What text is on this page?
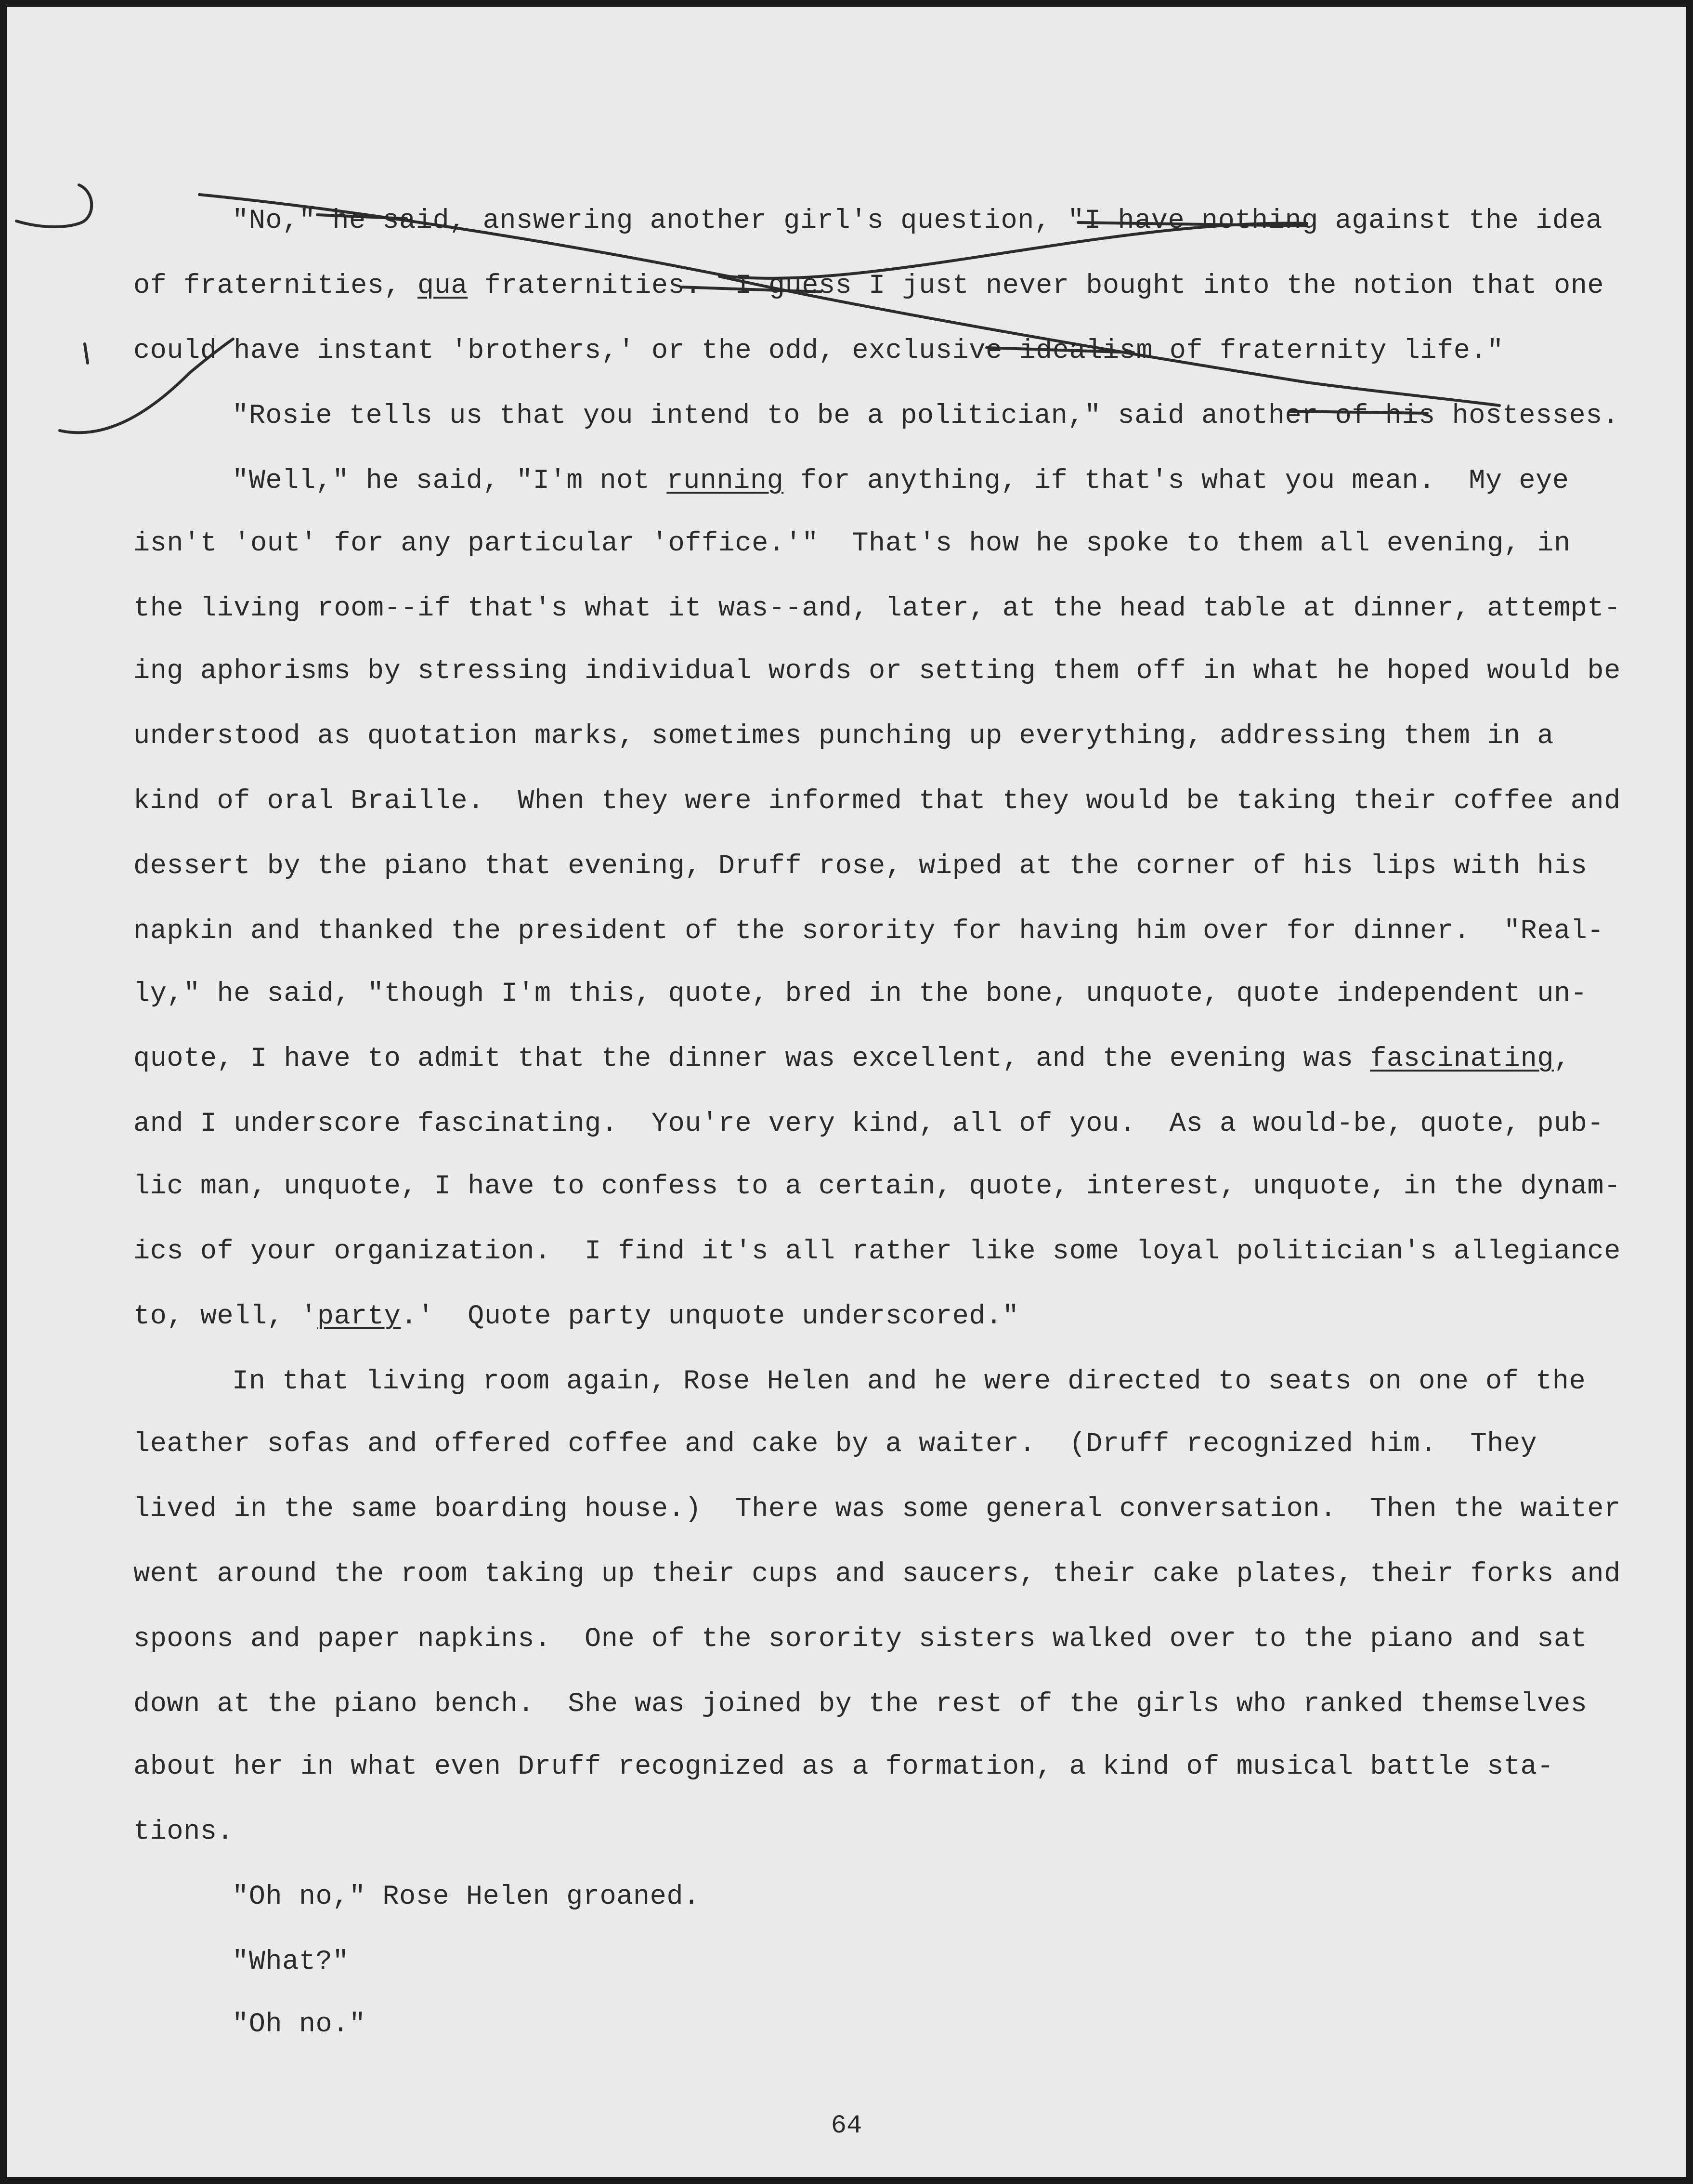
"No," he said, answering another girl's question, "I have nothing against the idea
of fraternities, qua fraternities.  I guess I just never bought into the notion that one
could have instant 'brothers,' or the odd, exclusive idealism of fraternity life."
"Rosie tells us that you intend to be a politician," said another of his hostesses.
"Well," he said, "I'm not running for anything, if that's what you mean.  My eye
isn't 'out' for any particular 'office.'"  That's how he spoke to them all evening, in
the living room--if that's what it was--and, later, at the head table at dinner, attempt-
ing aphorisms by stressing individual words or setting them off in what he hoped would be
understood as quotation marks, sometimes punching up everything, addressing them in a
kind of oral Braille.  When they were informed that they would be taking their coffee and
dessert by the piano that evening, Druff rose, wiped at the corner of his lips with his
napkin and thanked the president of the sorority for having him over for dinner.  "Real-
ly," he said, "though I'm this, quote, bred in the bone, unquote, quote independent un-
quote, I have to admit that the dinner was excellent, and the evening was fascinating,
and I underscore fascinating.  You're very kind, all of you.  As a would-be, quote, pub-
lic man, unquote, I have to confess to a certain, quote, interest, unquote, in the dynam-
ics of your organization.  I find it's all rather like some loyal politician's allegiance
to, well, 'party.'  Quote party unquote underscored."
In that living room again, Rose Helen and he were directed to seats on one of the
leather sofas and offered coffee and cake by a waiter.  (Druff recognized him.  They
lived in the same boarding house.)  There was some general conversation.  Then the waiter
went around the room taking up their cups and saucers, their cake plates, their forks and
spoons and paper napkins.  One of the sorority sisters walked over to the piano and sat
down at the piano bench.  She was joined by the rest of the girls who ranked themselves
about her in what even Druff recognized as a formation, a kind of musical battle sta-
tions.
"Oh no," Rose Helen groaned.
"What?"
"Oh no."
64
